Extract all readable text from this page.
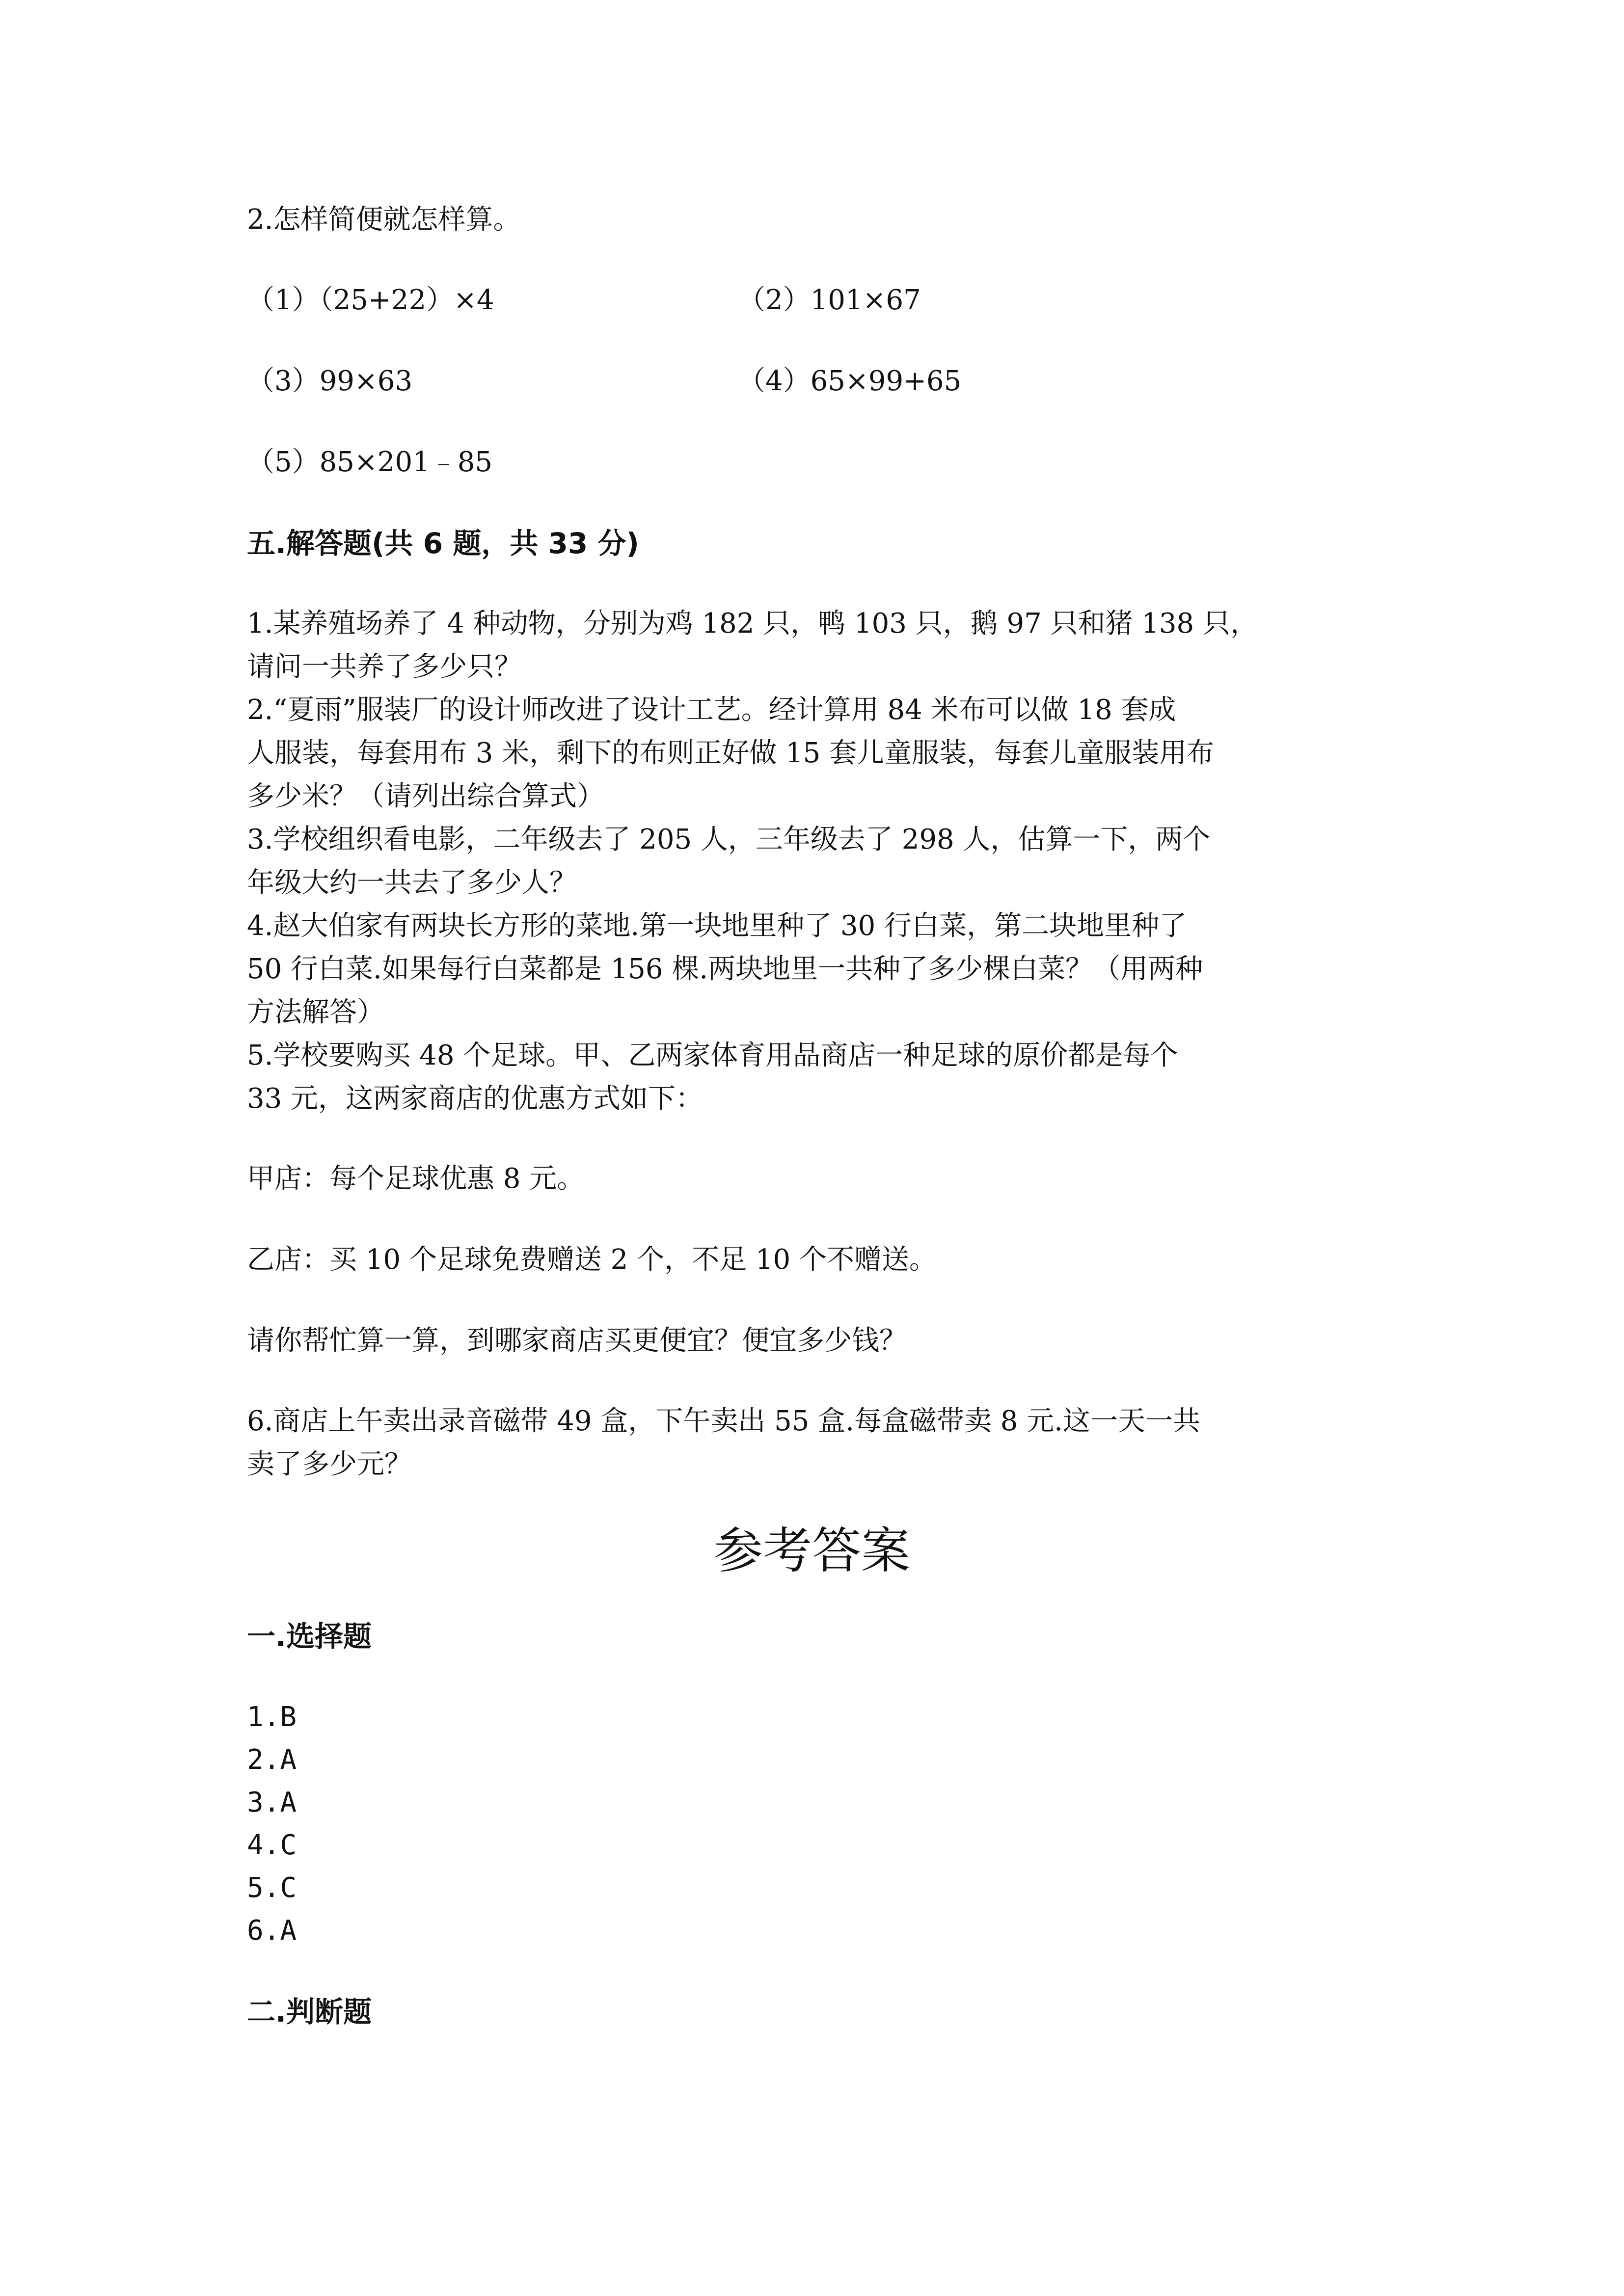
2.怎样简便就怎样算。
（1）（25+22）×4	（2）101×67
（3）99×63	（4）65×99+65
（5）85×201﹣85
五.解答题(共 6 题，共 33 分)
1.某养殖场养了 4 种动物，分别为鸡 182 只，鸭 103 只，鹅 97 只和猪 138 只，
请问一共养了多少只？
2.“夏雨”服装厂的设计师改进了设计工艺。经计算用 84 米布可以做 18 套成
人服装，每套用布 3 米，剩下的布则正好做 15 套儿童服装，每套儿童服装用布
多少米？（请列出综合算式）
3.学校组织看电影，二年级去了 205 人，三年级去了 298 人，估算一下，两个
年级大约一共去了多少人？
4.赵大伯家有两块长方形的菜地.第一块地里种了 30 行白菜，第二块地里种了
50 行白菜.如果每行白菜都是 156 棵.两块地里一共种了多少棵白菜？（用两种
方法解答）
5.学校要购买 48 个足球。甲、乙两家体育用品商店一种足球的原价都是每个
33 元，这两家商店的优惠方式如下：
甲店：每个足球优惠 8 元。
乙店：买 10 个足球免费赠送 2 个，不足 10 个不赠送。
请你帮忙算一算，到哪家商店买更便宜？便宜多少钱？
6.商店上午卖出录音磁带 49 盒，下午卖出 55 盒.每盒磁带卖 8 元.这一天一共
卖了多少元？
参考答案
一.选择题
1.B
2.A
3.A
4.C
5.C
6.A
二.判断题
